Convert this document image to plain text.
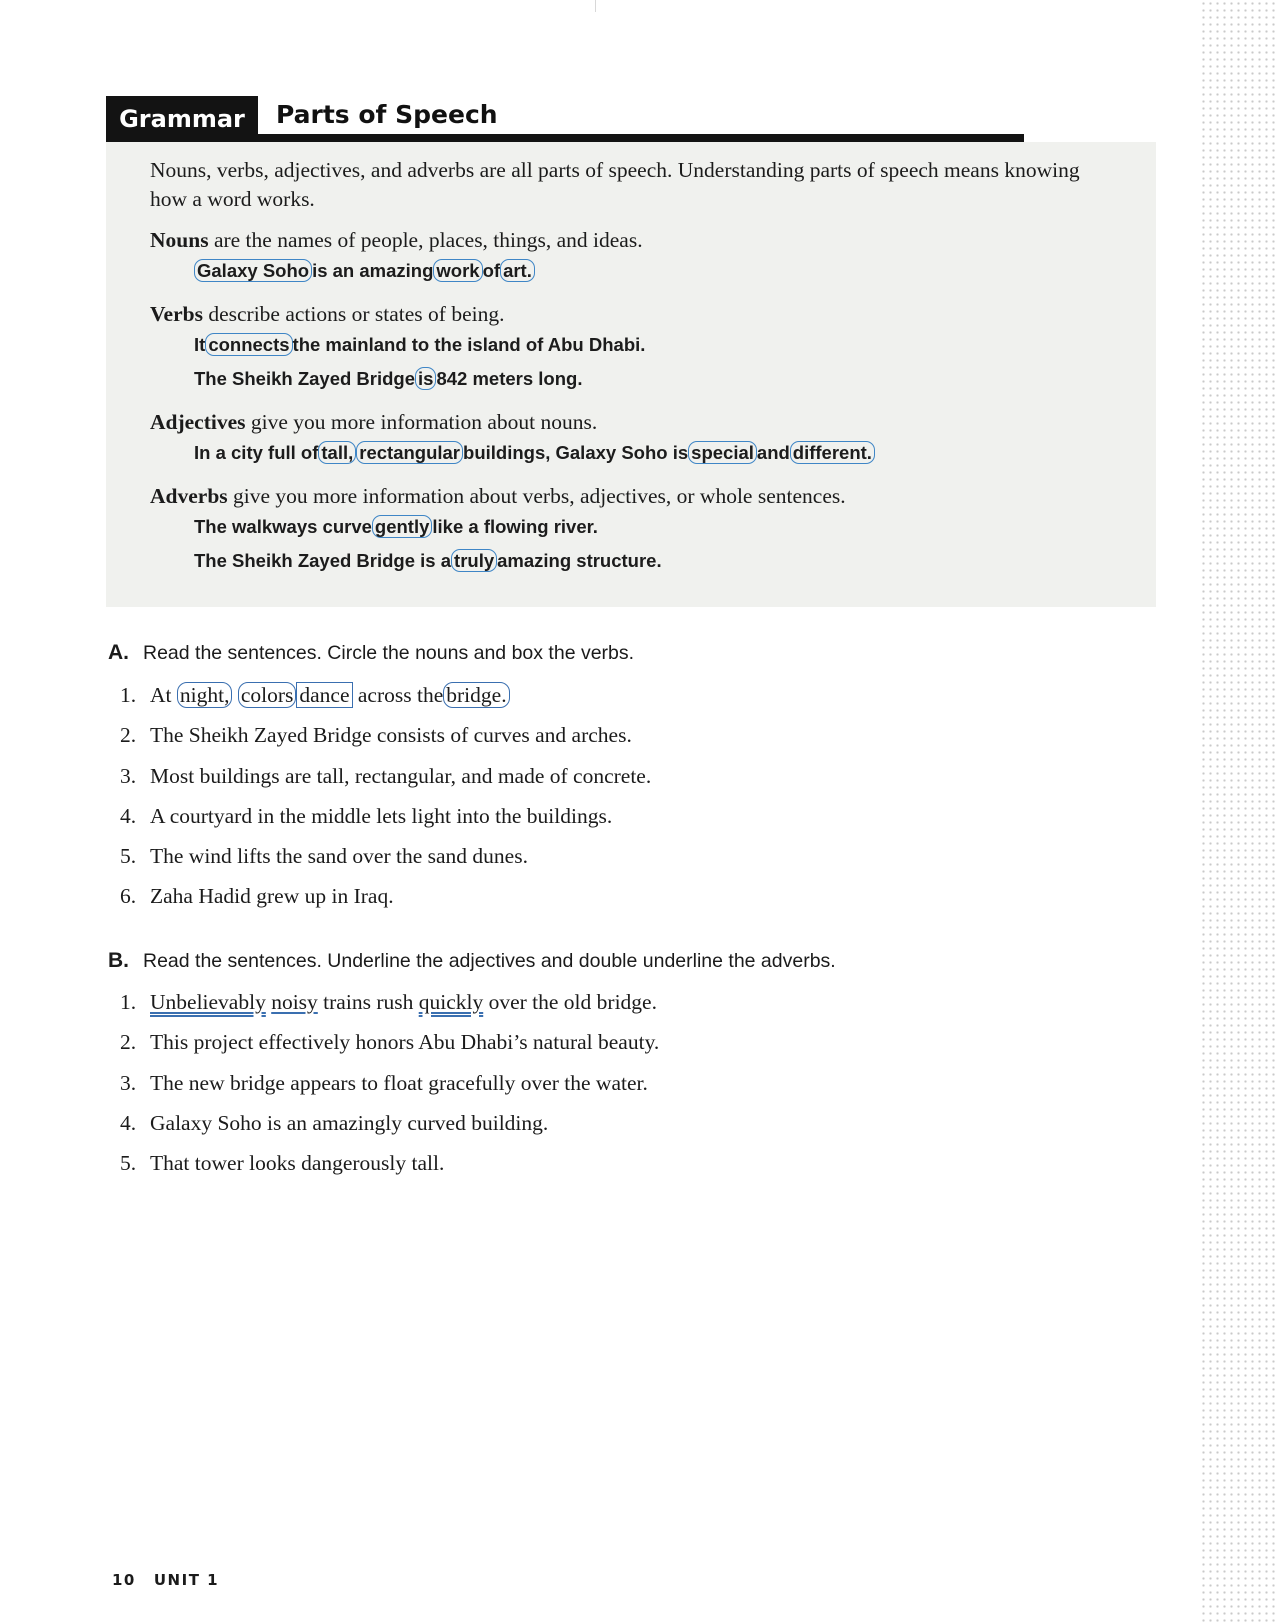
Grammar	Parts of Speech

Nouns, verbs, adjectives, and adverbs are all parts of speech. Understanding parts of speech means knowing how a word works.

Nouns are the names of people, places, things, and ideas.

Galaxy Soho is an amazing work of art.

Verbs describe actions or states of being.

It connects the mainland to the island of Abu Dhabi.
The Sheikh Zayed Bridge is 842 meters long.

Adjectives give you more information about nouns.

In a city full of tall, rectangular buildings, Galaxy Soho is special and different.

Adverbs give you more information about verbs, adjectives, or whole sentences.

The walkways curve gently like a flowing river.
The Sheikh Zayed Bridge is a truly amazing structure.
A. Read the sentences. Circle the nouns and box the verbs.
1. At night, colors dance across the bridge.
2. The Sheikh Zayed Bridge consists of curves and arches.
3. Most buildings are tall, rectangular, and made of concrete.
4. A courtyard in the middle lets light into the buildings.
5. The wind lifts the sand over the sand dunes.
6. Zaha Hadid grew up in Iraq.
B. Read the sentences. Underline the adjectives and double underline the adverbs.
1. Unbelievably noisy trains rush quickly over the old bridge.
2. This project effectively honors Abu Dhabi’s natural beauty.
3. The new bridge appears to float gracefully over the water.
4. Galaxy Soho is an amazingly curved building.
5. That tower looks dangerously tall.
10 UNIT 1
